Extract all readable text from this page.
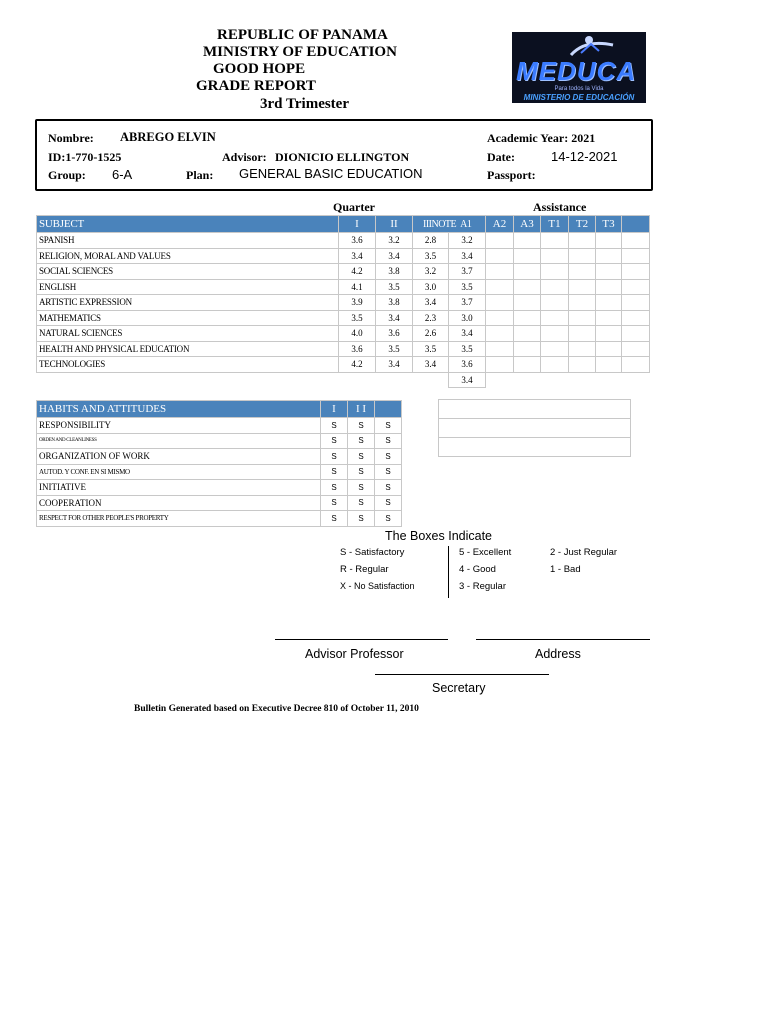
REPUBLIC OF PANAMA
MINISTRY OF EDUCATION
GOOD HOPE
GRADE REPORT
3rd Trimester
MEDUCA
Para todos la Vida
MINISTERIO DE EDUCACIÓN
Nombre: ABREGO ELVIN
ID:1-770-1525	Advisor: DIONICIO ELLINGTON
Group: 6-A	Plan: GENERAL BASIC EDUCATION
Academic Year: 2021
Date:	14-12-2021
Passport:
Quarter	Assistance
SUBJECT	I	II	IIINOTE A1		A2	A3	T1	T2	T3	
SPANISH	3.6	3.2	2.8	3.2						
RELIGION, MORAL AND VALUES	3.4	3.4	3.5	3.4						
SOCIAL SCIENCES	4.2	3.8	3.2	3.7						
ENGLISH	4.1	3.5	3.0	3.5						
ARTISTIC EXPRESSION	3.9	3.8	3.4	3.7						
MATHEMATICS	3.5	3.4	2.3	3.0						
NATURAL SCIENCES	4.0	3.6	2.6	3.4						
HEALTH AND PHYSICAL EDUCATION	3.6	3.5	3.5	3.5						
TECHNOLOGIES	4.2	3.4	3.4	3.6						
				3.4						
HABITS AND ATTITUDES	I	I I	
RESPONSIBILITY	S	S	S
ORDEN AND CLEANLINESS	S	S	S
ORGANIZATION OF WORK	S	S	S
AUTOD. Y CONF. EN SI MISMO	S	S	S
INITIATIVE	S	S	S
COOPERATION	S	S	S
RESPECT FOR OTHER PEOPLE'S PROPERTY	S	S	S

The Boxes Indicate
S - Satisfactory
R - Regular
X - No Satisfaction
5 - Excellent
4 - Good
3 - Regular
2 - Just Regular
1 - Bad
Advisor Professor	Address
Secretary
Bulletin Generated based on Executive Decree 810 of October 11, 2010
